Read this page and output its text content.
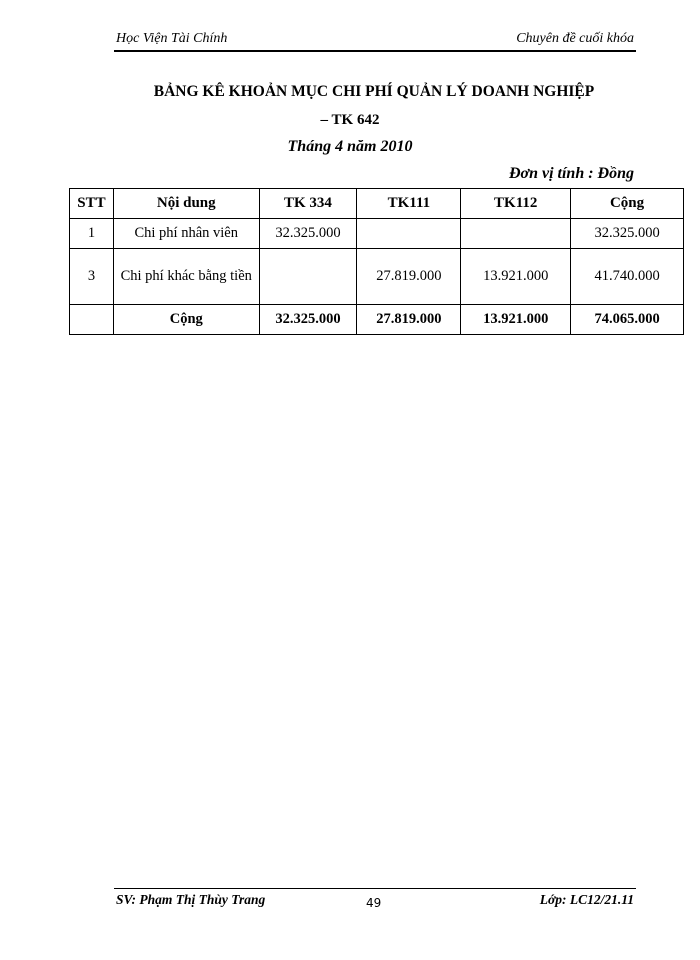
Học Viện Tài Chính	Chuyên đề cuối khóa
BẢNG KÊ KHOẢN MỤC CHI PHÍ QUẢN LÝ DOANH NGHIỆP
– TK 642
Tháng 4 năm 2010
Đơn vị tính : Đồng
STT	Nội dung	TK 334	TK111	TK112	Cộng
1	Chi phí nhân viên	32.325.000			32.325.000
3	Chi phí khác bằng tiền		27.819.000	13.921.000	41.740.000
	Cộng	32.325.000	27.819.000	13.921.000	74.065.000
SV: Phạm Thị Thùy Trang	49	Lớp: LC12/21.11
